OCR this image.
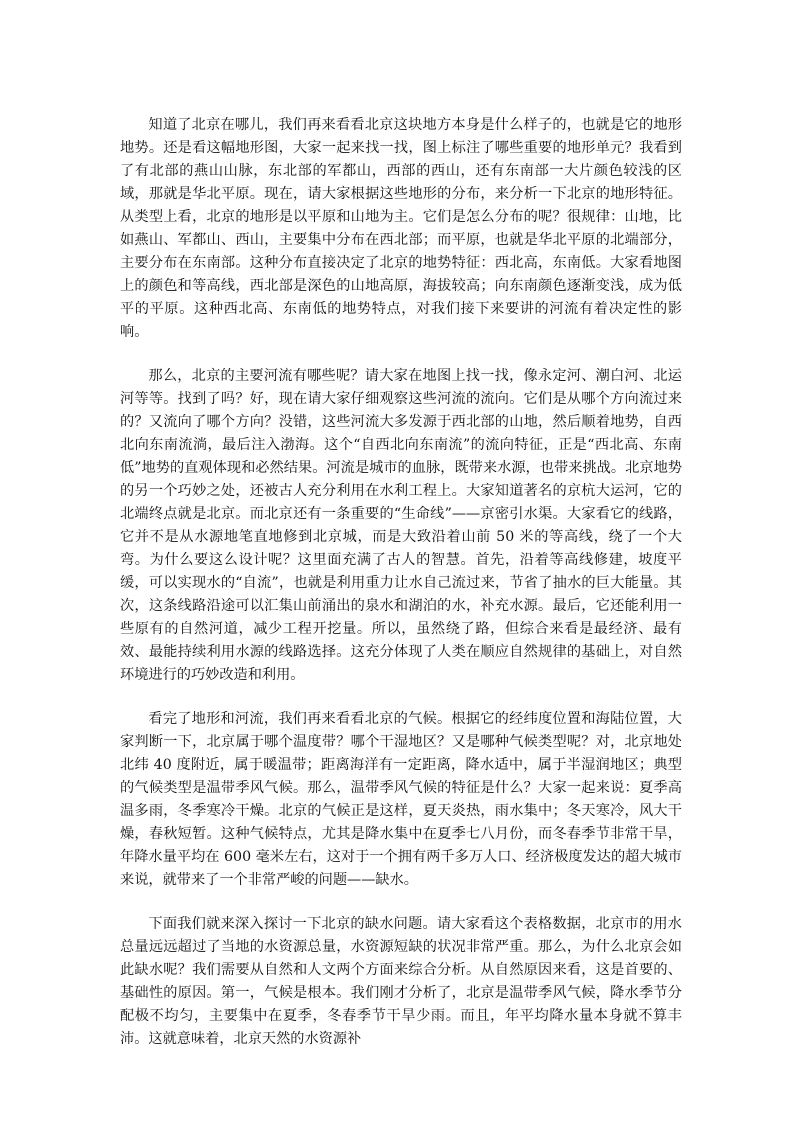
知道了北京在哪儿，我们再来看看北京这块地方本身是什么样子的，也就是它的地形地势。还是看这幅地形图，大家一起来找一找，图上标注了哪些重要的地形单元？我看到了有北部的燕山山脉，东北部的军都山，西部的西山，还有东南部一大片颜色较浅的区域，那就是华北平原。现在，请大家根据这些地形的分布，来分析一下北京的地形特征。从类型上看，北京的地形是以平原和山地为主。它们是怎么分布的呢？很规律：山地，比如燕山、军都山、西山，主要集中分布在西北部；而平原，也就是华北平原的北端部分，主要分布在东南部。这种分布直接决定了北京的地势特征：西北高，东南低。大家看地图上的颜色和等高线，西北部是深色的山地高原，海拔较高；向东南颜色逐渐变浅，成为低平的平原。这种西北高、东南低的地势特点，对我们接下来要讲的河流有着决定性的影响。

那么，北京的主要河流有哪些呢？请大家在地图上找一找，像永定河、潮白河、北运河等等。找到了吗？好，现在请大家仔细观察这些河流的流向。它们是从哪个方向流过来的？又流向了哪个方向？没错，这些河流大多发源于西北部的山地，然后顺着地势，自西北向东南流淌，最后注入渤海。这个“自西北向东南流”的流向特征，正是“西北高、东南低”地势的直观体现和必然结果。河流是城市的血脉，既带来水源，也带来挑战。北京地势的另一个巧妙之处，还被古人充分利用在水利工程上。大家知道著名的京杭大运河，它的北端终点就是北京。而北京还有一条重要的“生命线”——京密引水渠。大家看它的线路，它并不是从水源地笔直地修到北京城，而是大致沿着山前 50 米的等高线，绕了一个大弯。为什么要这么设计呢？这里面充满了古人的智慧。首先，沿着等高线修建，坡度平缓，可以实现水的“自流”，也就是利用重力让水自己流过来，节省了抽水的巨大能量。其次，这条线路沿途可以汇集山前涌出的泉水和湖泊的水，补充水源。最后，它还能利用一些原有的自然河道，减少工程开挖量。所以，虽然绕了路，但综合来看是最经济、最有效、最能持续利用水源的线路选择。这充分体现了人类在顺应自然规律的基础上，对自然环境进行的巧妙改造和利用。

看完了地形和河流，我们再来看看北京的气候。根据它的经纬度位置和海陆位置，大家判断一下，北京属于哪个温度带？哪个干湿地区？又是哪种气候类型呢？对，北京地处北纬 40 度附近，属于暖温带；距离海洋有一定距离，降水适中，属于半湿润地区；典型的气候类型是温带季风气候。那么，温带季风气候的特征是什么？大家一起来说：夏季高温多雨，冬季寒冷干燥。北京的气候正是这样，夏天炎热，雨水集中；冬天寒冷，风大干燥，春秋短暂。这种气候特点，尤其是降水集中在夏季七八月份，而冬春季节非常干旱，年降水量平均在 600 毫米左右，这对于一个拥有两千多万人口、经济极度发达的超大城市来说，就带来了一个非常严峻的问题——缺水。

下面我们就来深入探讨一下北京的缺水问题。请大家看这个表格数据，北京市的用水总量远远超过了当地的水资源总量，水资源短缺的状况非常严重。那么，为什么北京会如此缺水呢？我们需要从自然和人文两个方面来综合分析。从自然原因来看，这是首要的、基础性的原因。第一，气候是根本。我们刚才分析了，北京是温带季风气候，降水季节分配极不均匀，主要集中在夏季，冬春季节干旱少雨。而且，年平均降水量本身就不算丰沛。这就意味着，北京天然的水资源补
